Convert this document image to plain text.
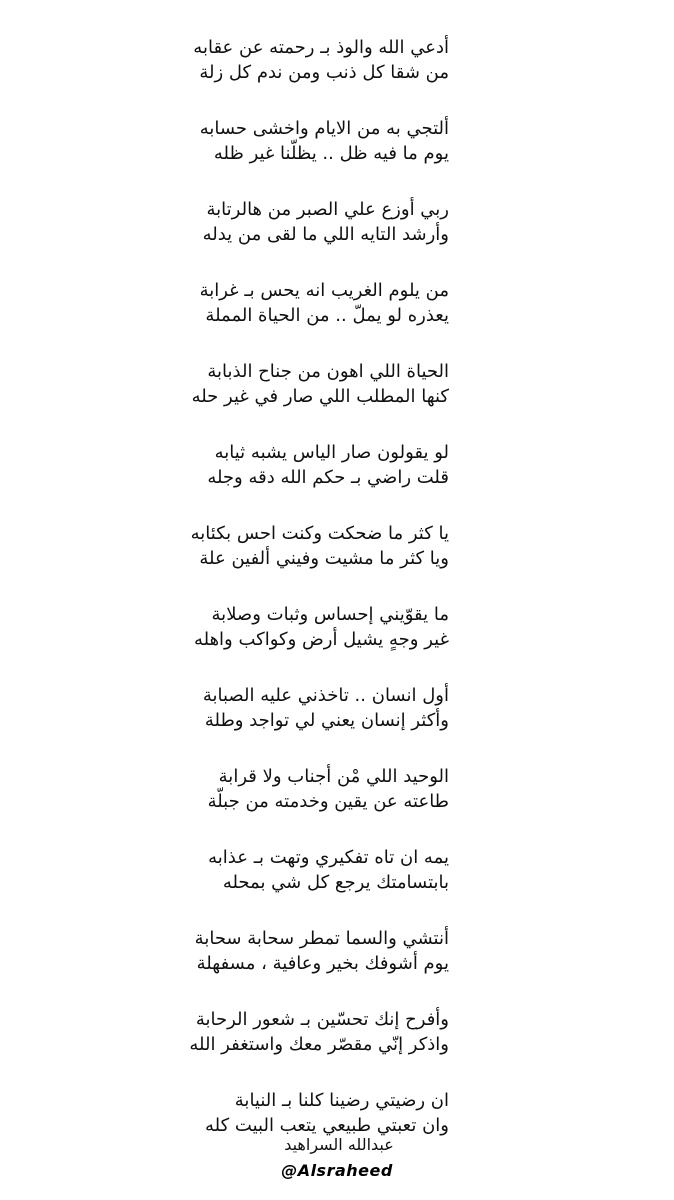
أدعي الله والوذ بـ رحمته عن عقابه
من شقا كل ذنب ومن ندم كل زلة
ألتجي به من الايام واخشى حسابه
يوم ما فيه ظل .. يظلّنا غير ظله
ربي أوزع علي الصبر من هالرتابة
وأرشد التايه اللي ما لقى من يدله
من يلوم الغريب انه يحس بـ غرابة
يعذره لو يملّ .. من الحياة المملة
الحياة اللي اهون من جناح الذبابة
كنها المطلب اللي صار في غير حله
لو يقولون صار الياس يشبه ثيابه
قلت راضي بـ حكم الله دقه وجله
يا كثر ما ضحكت وكنت احس بكئابه
ويا كثر ما مشيت وفيني ألفين علة
ما يقوّيني إحساس وثبات وصلابة
غير وجهٍ يشيل أرض وكواكب واهله
أول انسان .. تاخذني عليه الصبابة
وأكثر إنسان يعني لي تواجد وطلة
الوحيد اللي مْن أجناب ولا قرابة
طاعته عن يقين وخدمته من جبلّة
يمه ان تاه تفكيري وتهت بـ عذابه
بابتسامتك يرجع كل شي بمحله
أنتشي والسما تمطر سحابة سحابة
يوم أشوفك بخير وعافية ، مسفهلة
وأفرح إنك تحسّين بـ شعور الرحابة
واذكر إنّي مقصّر معك واستغفر الله
ان رضيتي رضينا كلنا بـ النيابة
وان تعبتي طبيعي يتعب البيت كله
عبدالله السراهيد
@Alsraheed
